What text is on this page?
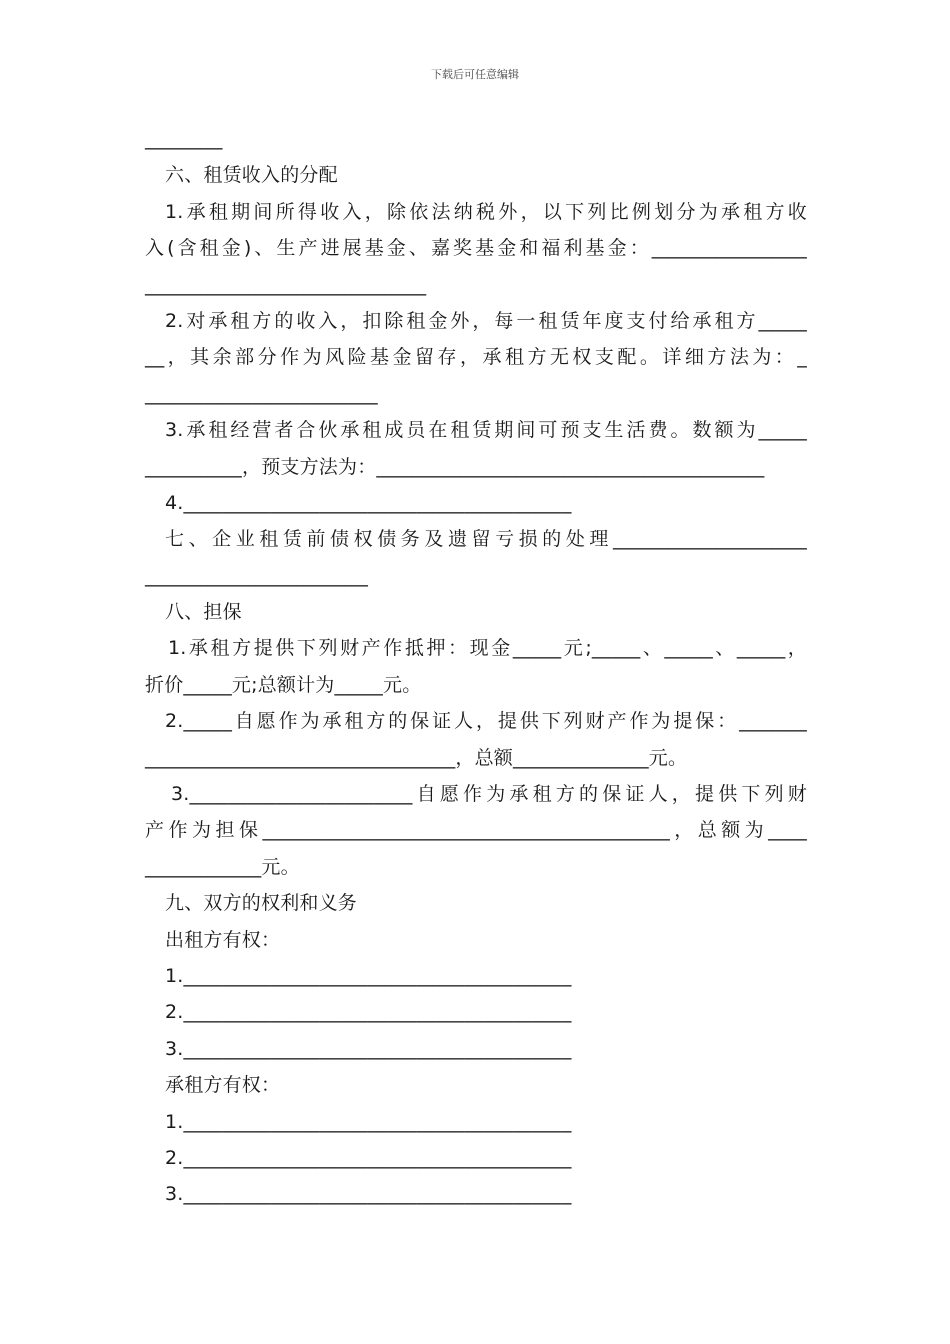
下载后可任意编辑
________
六、租赁收入的分配
1.承租期间所得收入，除依法纳税外，以下列比例划分为承租方收
入(含租金)、生产进展基金、嘉奖基金和福利基金：________________
_____________________________
2.对承租方的收入，扣除租金外，每一租赁年度支付给承租方_____
__，其余部分作为风险基金留存，承租方无权支配。详细方法为：_
________________________
3.承租经营者合伙承租成员在租赁期间可预支生活费。数额为_____
__________，预支方法为：________________________________________
4.________________________________________
七、企业租赁前债权债务及遗留亏损的处理____________________
_______________________
八、担保
1.承租方提供下列财产作抵押：现金_____元;_____、_____、_____，
折价_____元;总额计为_____元。
2._____自愿作为承租方的保证人，提供下列财产作为提保：_______
________________________________，总额______________元。
3._______________________自愿作为承租方的保证人，提供下列财
产作为担保__________________________________________，总额为____
____________元。
九、双方的权利和义务
出租方有权：
1.________________________________________
2.________________________________________
3.________________________________________
承租方有权：
1.________________________________________
2.________________________________________
3.________________________________________
